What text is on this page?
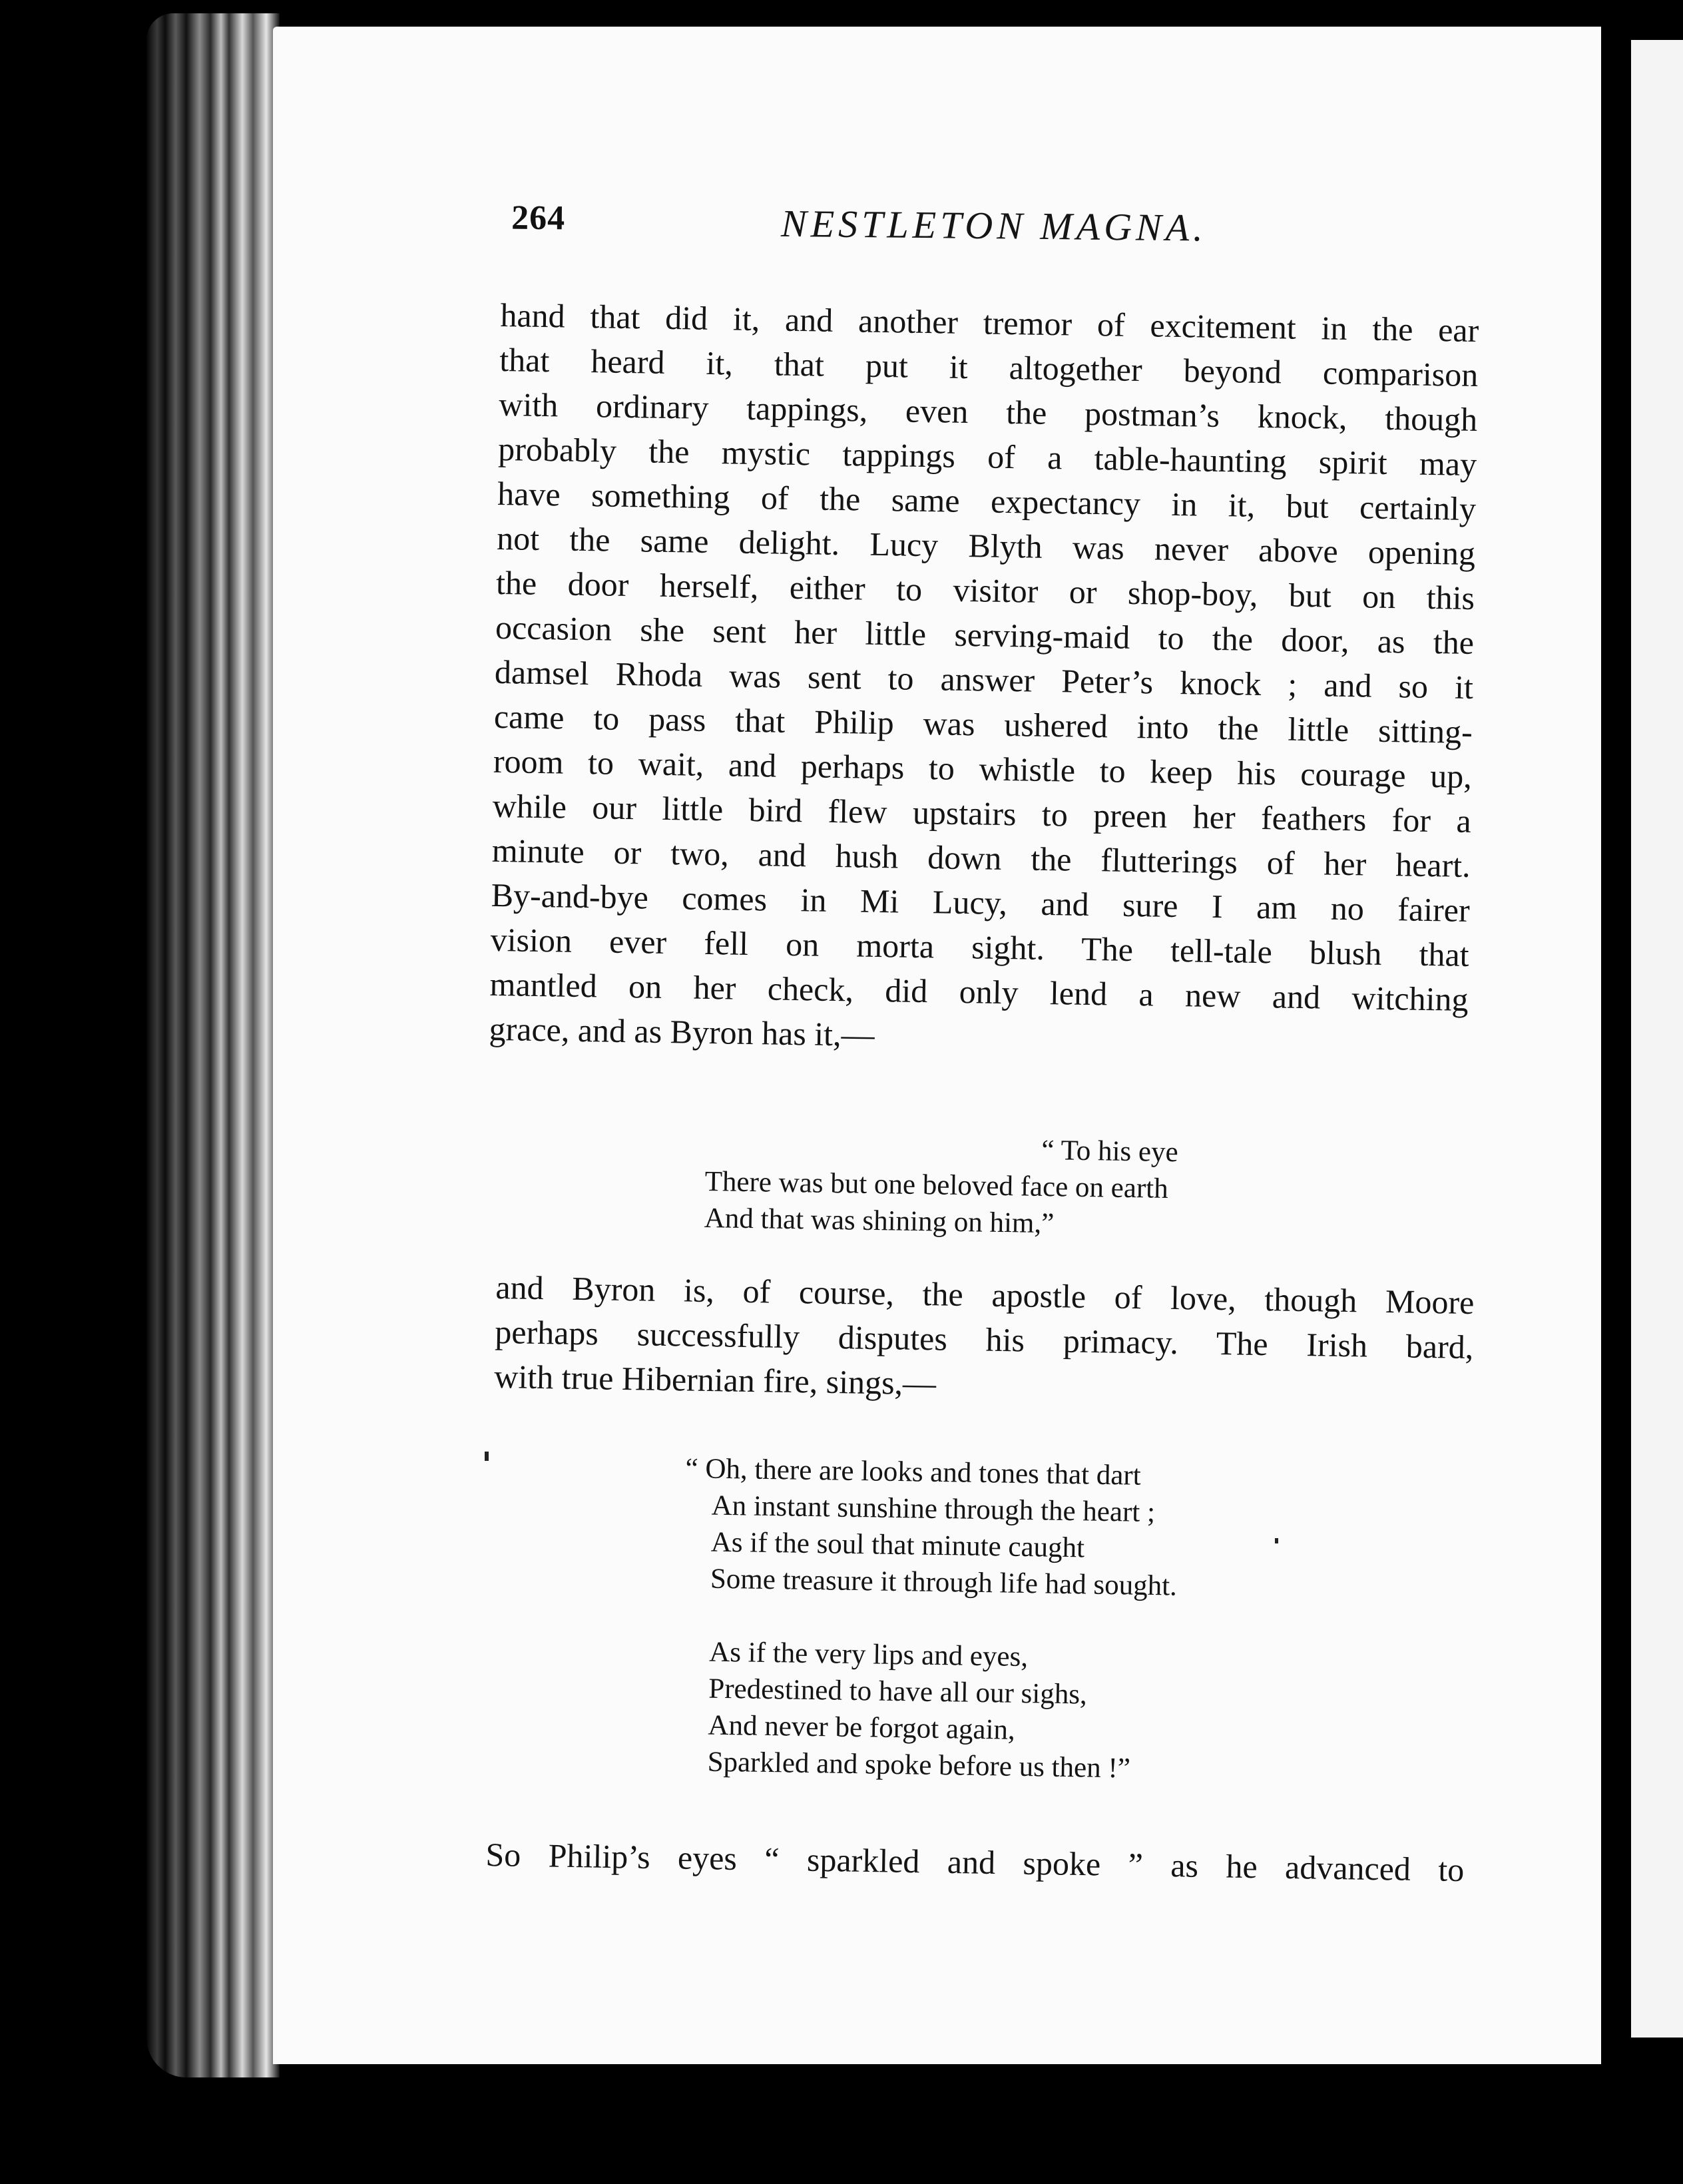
264	NESTLETON MAGNA.
hand that did it, and another tremor of excitement in the ear
that heard it, that put it altogether beyond comparison
with ordinary tappings, even the postman’s knock, though
probably the mystic tappings of a table-haunting spirit may
have something of the same expectancy in it, but certainly
not the same delight. Lucy Blyth was never above opening
the door herself, either to visitor or shop-boy, but on this
occasion she sent her little serving-maid to the door, as the
damsel Rhoda was sent to answer Peter’s knock ; and so it
came to pass that Philip was ushered into the little sitting-
room to wait, and perhaps to whistle to keep his courage up,
while our little bird flew upstairs to preen her feathers for a
minute or two, and hush down the flutterings of her heart.
By-and-bye comes in Mi Lucy, and sure I am no fairer
vision ever fell on morta sight. The tell-tale blush that
mantled on her check, did only lend a new and witching
grace, and as Byron has it,—
“ To his eye
There was but one beloved face on earth
And that was shining on him,”
and Byron is, of course, the apostle of love, though Moore
perhaps successfully disputes his primacy. The Irish bard,
with true Hibernian fire, sings,—
“ Oh, there are looks and tones that dart
An instant sunshine through the heart ;
As if the soul that minute caught
Some treasure it through life had sought.
As if the very lips and eyes,
Predestined to have all our sighs,
And never be forgot again,
Sparkled and spoke before us then !”
So Philip’s eyes “ sparkled and spoke ” as he advanced to
